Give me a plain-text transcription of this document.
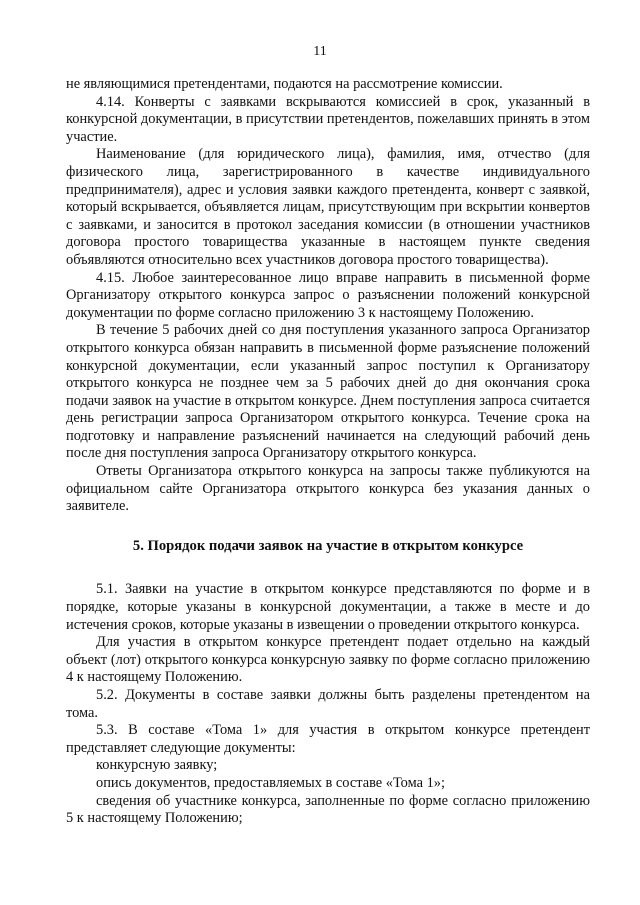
11

не являющимися претендентами, подаются на рассмотрение комиссии.

4.14. Конверты с заявками вскрываются комиссией в срок, указанный в конкурсной документации, в присутствии претендентов, пожелавших принять в этом участие.

Наименование (для юридического лица), фамилия, имя, отчество (для физического лица, зарегистрированного в качестве индивидуального предпринимателя), адрес и условия заявки каждого претендента, конверт с заявкой, который вскрывается, объявляется лицам, присутствующим при вскрытии конвертов с заявками, и заносится в протокол заседания комиссии (в отношении участников договора простого товарищества указанные в настоящем пункте сведения объявляются относительно всех участников договора простого товарищества).

4.15. Любое заинтересованное лицо вправе направить в письменной форме Организатору открытого конкурса запрос о разъяснении положений конкурсной документации по форме согласно приложению 3 к настоящему Положению.

В течение 5 рабочих дней со дня поступления указанного запроса Организатор открытого конкурса обязан направить в письменной форме разъяснение положений конкурсной документации, если указанный запрос поступил к Организатору открытого конкурса не позднее чем за 5 рабочих дней до дня окончания срока подачи заявок на участие в открытом конкурсе. Днем поступления запроса считается день регистрации запроса Организатором открытого конкурса. Течение срока на подготовку и направление разъяснений начинается на следующий рабочий день после дня поступления запроса Организатору открытого конкурса.

Ответы Организатора открытого конкурса на запросы также публикуются на официальном сайте Организатора открытого конкурса без указания данных о заявителе.

5. Порядок подачи заявок на участие в открытом конкурсе

5.1. Заявки на участие в открытом конкурсе представляются по форме и в порядке, которые указаны в конкурсной документации, а также в месте и до истечения сроков, которые указаны в извещении о проведении открытого конкурса.

Для участия в открытом конкурсе претендент подает отдельно на каждый объект (лот) открытого конкурса конкурсную заявку по форме согласно приложению 4 к настоящему Положению.

5.2. Документы в составе заявки должны быть разделены претендентом на тома.

5.3. В составе «Тома 1» для участия в открытом конкурсе претендент представляет следующие документы:

конкурсную заявку;

опись документов, предоставляемых в составе «Тома 1»;

сведения об участнике конкурса, заполненные по форме согласно приложению 5 к настоящему Положению;
